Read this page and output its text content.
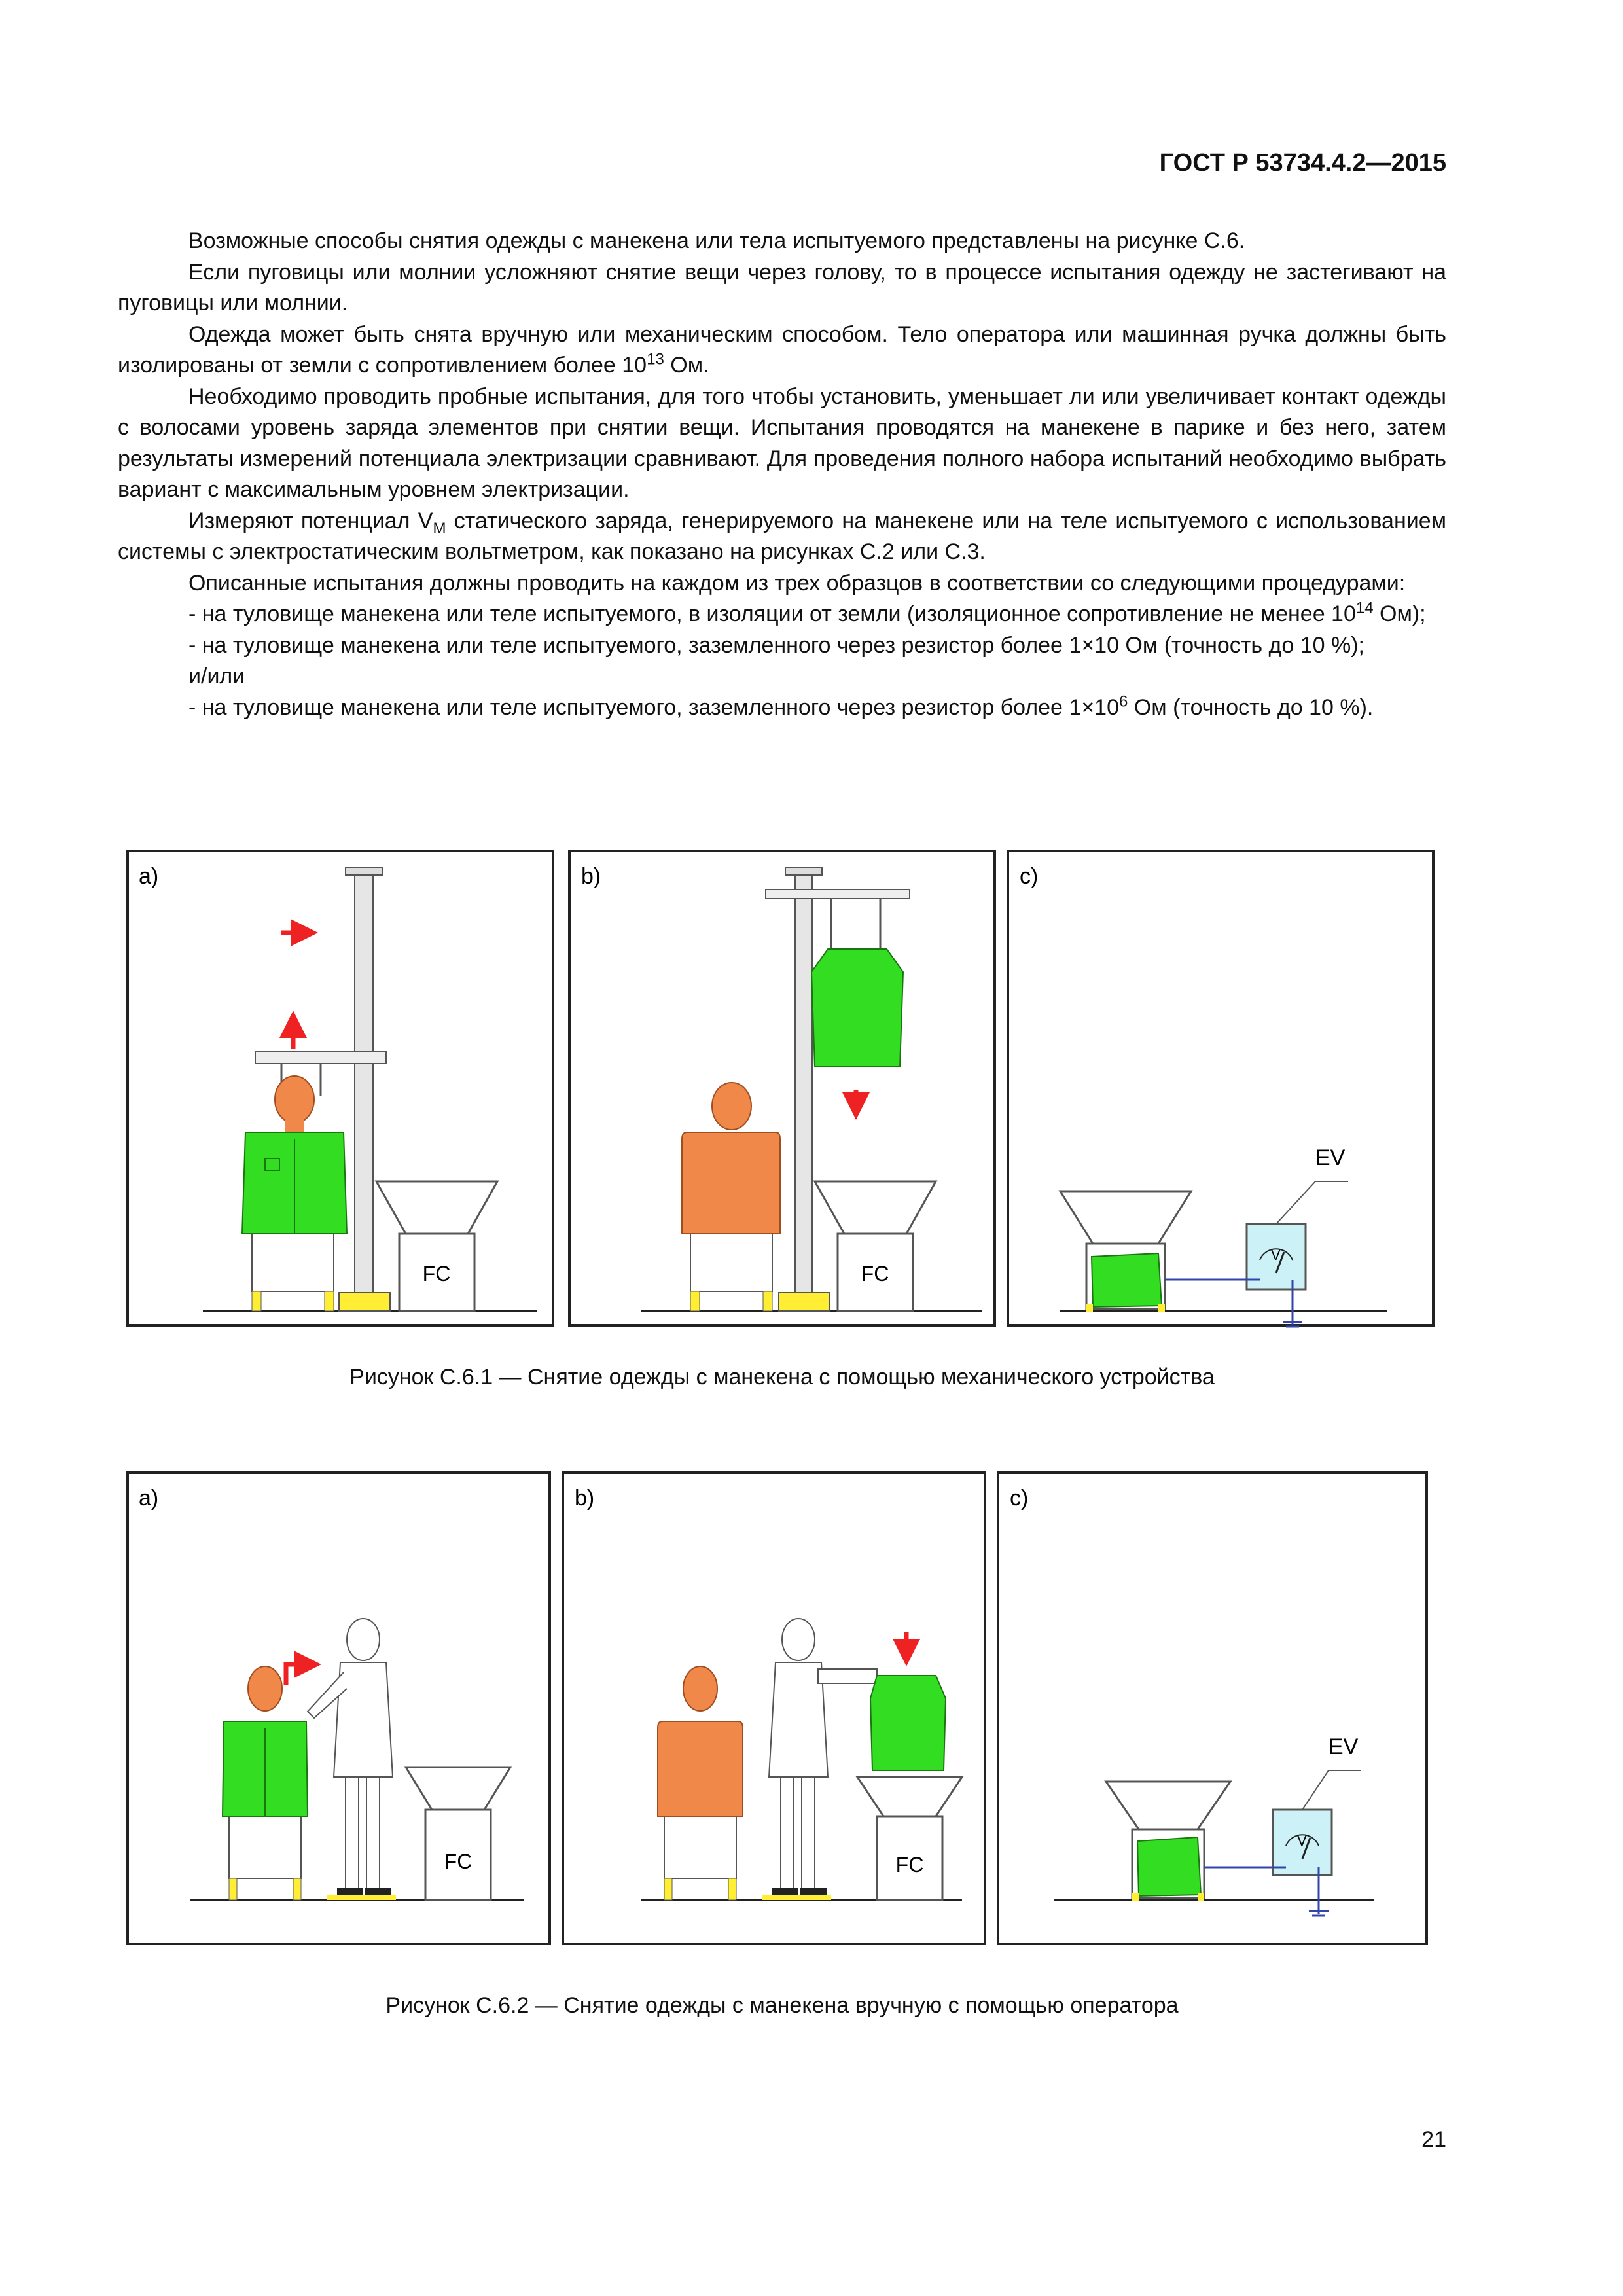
ГОСТ Р 53734.4.2—2015

Возможные способы снятия одежды с манекена или тела испытуемого представлены на рисунке С.6.

Если пуговицы или молнии усложняют снятие вещи через голову, то в процессе испытания одежду не застегивают на пуговицы или молнии.

Одежда может быть снята вручную или механическим способом. Тело оператора или машинная ручка должны быть изолированы от земли с сопротивлением более $10^{13}$ Ом.

Необходимо проводить пробные испытания, для того чтобы установить, уменьшает ли или увеличивает контакт одежды с волосами уровень заряда элементов при снятии вещи. Испытания проводятся на манекене в парике и без него, затем результаты измерений потенциала электризации сравнивают. Для проведения полного набора испытаний необходимо выбрать вариант с максимальным уровнем электризации.

Измеряют потенциал $V_M$ статического заряда, генерируемого на манекене или на теле испытуемого с использованием системы с электростатическим вольтметром, как показано на рисунках С.2 или С.3.

Описанные испытания должны проводить на каждом из трех образцов в соответствии со следующими процедурами:

- на туловище манекена или теле испытуемого, в изоляции от земли (изоляционное сопротивление не менее $10^{14}$ Ом);

- на туловище манекена или теле испытуемого, заземленного через резистор более 1×10 Ом (точность до 10 %);

и/или

- на туловище манекена или теле испытуемого, заземленного через резистор более $1\times 10^6$ Ом (точность до 10 %).

а)
FC
b)
FC
с)
V
EV
Рисунок С.6.1 — Снятие одежды с манекена с помощью механического устройства
а)
FC
b)
FC
с)
V
EV
Рисунок С.6.2 — Снятие одежды с манекена вручную с помощью оператора
21
